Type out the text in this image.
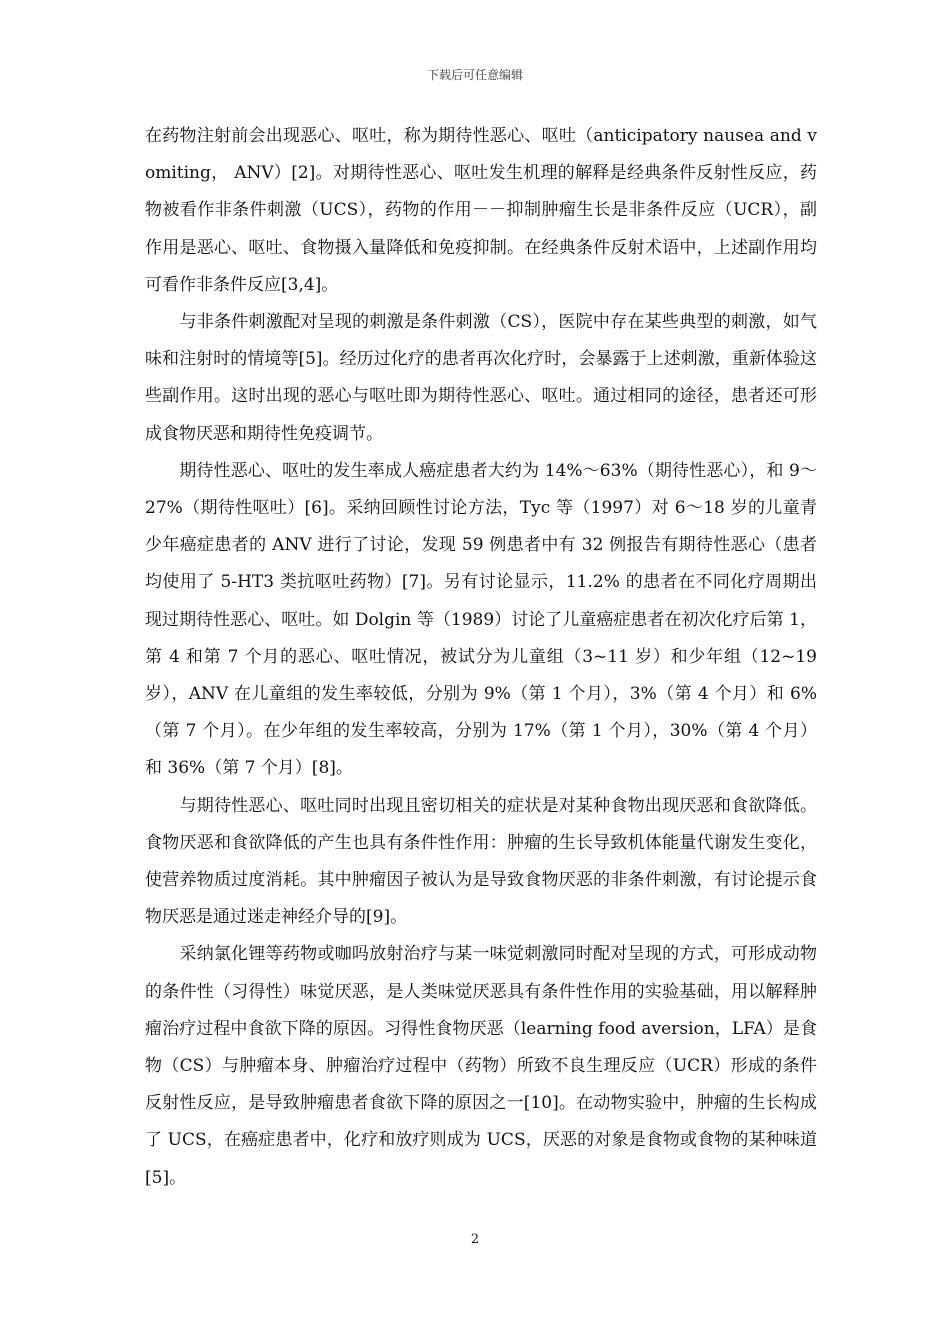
下载后可任意编辑

在药物注射前会出现恶心、呕吐，称为期待性恶心、呕吐（anticipatory nausea and vomiting， ANV）[2]。对期待性恶心、呕吐发生机理的解释是经典条件反射性反应，药物被看作非条件刺激（UCS），药物的作用－－抑制肿瘤生长是非条件反应（UCR），副作用是恶心、呕吐、食物摄入量降低和免疫抑制。在经典条件反射术语中，上述副作用均可看作非条件反应[3,4]。

　　与非条件刺激配对呈现的刺激是条件刺激（CS），医院中存在某些典型的刺激，如气味和注射时的情境等[5]。经历过化疗的患者再次化疗时，会暴露于上述刺激，重新体验这些副作用。这时出现的恶心与呕吐即为期待性恶心、呕吐。通过相同的途径，患者还可形成食物厌恶和期待性免疫调节。

　　期待性恶心、呕吐的发生率成人癌症患者大约为 14%～63%（期待性恶心），和 9～27%（期待性呕吐）[6]。采纳回顾性讨论方法，Tyc 等（1997）对 6～18 岁的儿童青少年癌症患者的 ANV 进行了讨论，发现 59 例患者中有 32 例报告有期待性恶心（患者均使用了 5-HT3 类抗呕吐药物）[7]。另有讨论显示，11.2% 的患者在不同化疗周期出现过期待性恶心、呕吐。如 Dolgin 等（1989）讨论了儿童癌症患者在初次化疗后第 1，第 4 和第 7 个月的恶心、呕吐情况，被试分为儿童组（3~11 岁）和少年组（12~19 岁），ANV 在儿童组的发生率较低，分别为 9%（第 1 个月），3%（第 4 个月）和 6%（第 7 个月）。在少年组的发生率较高，分别为 17%（第 1 个月），30%（第 4 个月）和 36%（第 7 个月）[8]。

　　与期待性恶心、呕吐同时出现且密切相关的症状是对某种食物出现厌恶和食欲降低。食物厌恶和食欲降低的产生也具有条件性作用：肿瘤的生长导致机体能量代谢发生变化，使营养物质过度消耗。其中肿瘤因子被认为是导致食物厌恶的非条件刺激，有讨论提示食物厌恶是通过迷走神经介导的[9]。

　　采纳氯化锂等药物或咖吗放射治疗与某一味觉刺激同时配对呈现的方式，可形成动物的条件性（习得性）味觉厌恶，是人类味觉厌恶具有条件性作用的实验基础，用以解释肿瘤治疗过程中食欲下降的原因。习得性食物厌恶（learning food aversion，LFA）是食物（CS）与肿瘤本身、肿瘤治疗过程中（药物）所致不良生理反应（UCR）形成的条件反射性反应，是导致肿瘤患者食欲下降的原因之一[10]。在动物实验中，肿瘤的生长构成了 UCS，在癌症患者中，化疗和放疗则成为 UCS，厌恶的对象是食物或食物的某种味道[5]。

2
